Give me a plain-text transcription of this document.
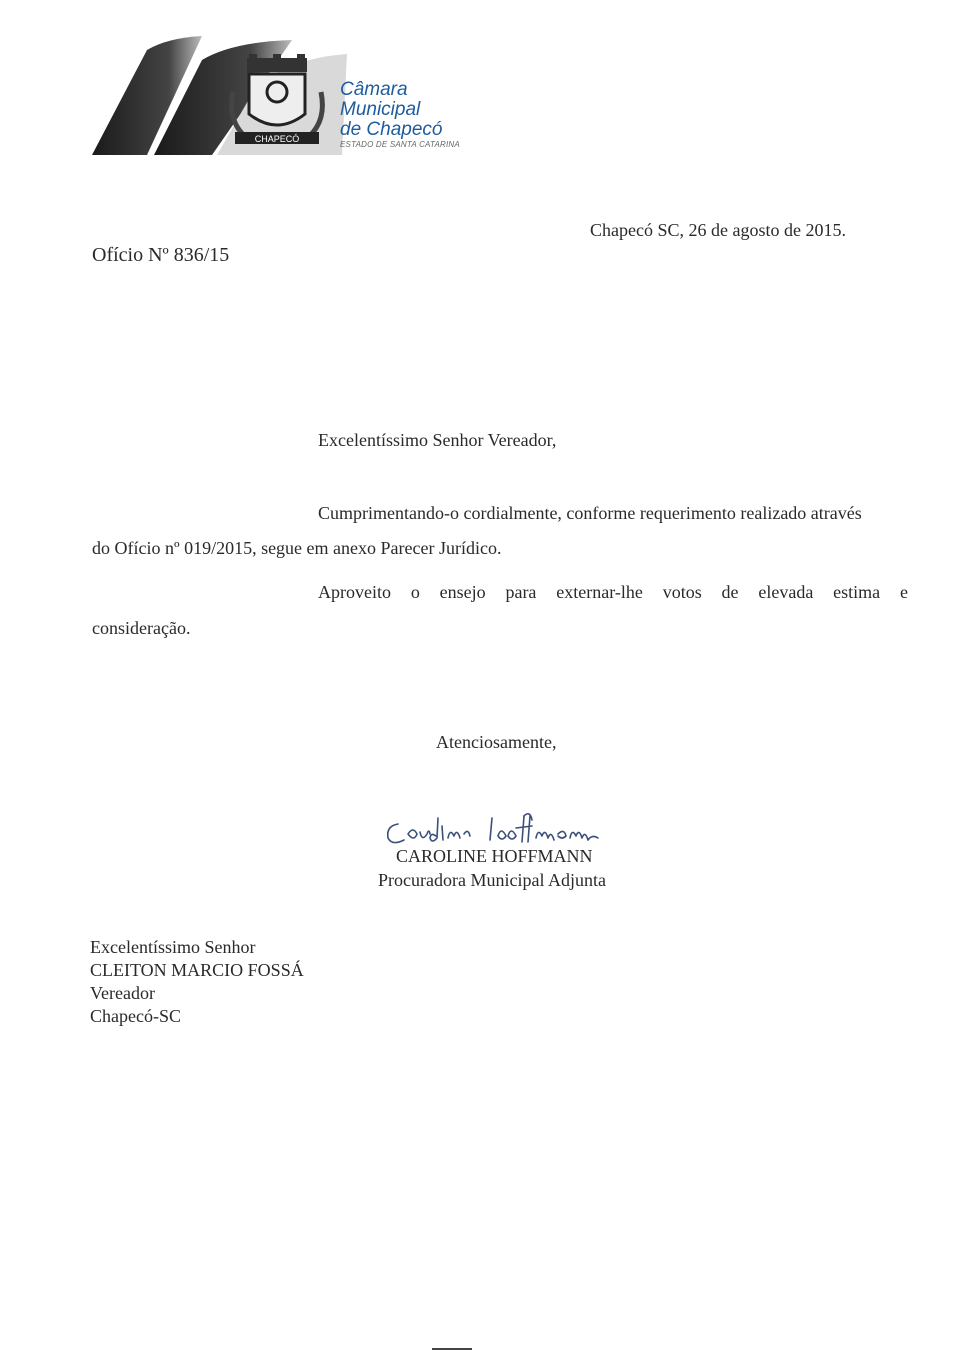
CHAPECÓ
Câmara
Municipal
de Chapecó
ESTADO DE SANTA CATARINA
Ofício Nº 836/15
Chapecó SC, 26 de agosto de 2015.
Excelentíssimo Senhor Vereador,
Cumprimentando-o cordialmente, conforme requerimento realizado através
do Ofício nº 019/2015, segue em anexo Parecer Jurídico.
Aproveito o ensejo para externar-lhe votos de elevada estima e
consideração.
Atenciosamente,
CAROLINE HOFFMANN
Procuradora Municipal Adjunta
Excelentíssimo Senhor
CLEITON MARCIO FOSSÁ
Vereador
Chapecó-SC
